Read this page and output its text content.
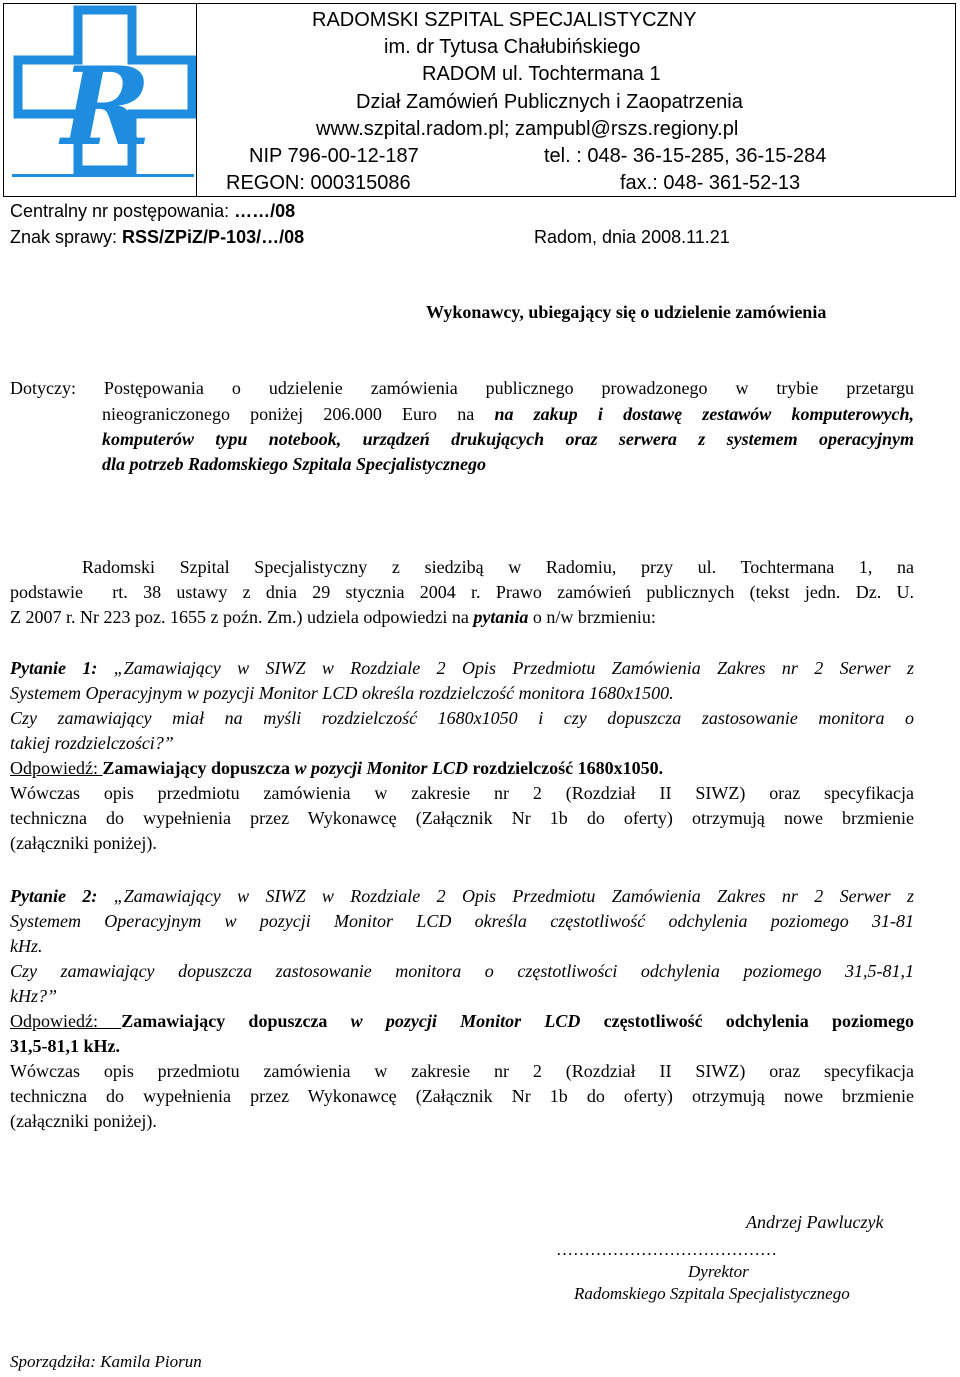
R
RADOMSKI SZPITAL SPECJALISTYCZNY
im. dr Tytusa Chałubińskiego
RADOM ul. Tochtermana 1
Dział Zamówień Publicznych i Zaopatrzenia
www.szpital.radom.pl; zampubl@rszs.regiony.pl
NIP 796-00-12-187	tel. : 048- 36-15-285, 36-15-284
REGON: 000315086	fax.: 048- 361-52-13
Centralny nr postępowania: ……/08
Znak sprawy: RSS/ZPiZ/P-103/…/08	Radom, dnia 2008.11.21
Wykonawcy, ubiegający się o udzielenie zamówienia
Dotyczy: Postępowania o udzielenie zamówienia publicznego prowadzonego w trybie przetargu
nieograniczonego poniżej 206.000 Euro na na zakup i dostawę zestawów komputerowych,
komputerów typu notebook, urządzeń drukujących oraz serwera z systemem operacyjnym
dla potrzeb Radomskiego Szpitala Specjalistycznego
Radomski Szpital Specjalistyczny z siedzibą w Radomiu, przy ul. Tochtermana 1, na
podstawie rt. 38 ustawy z dnia 29 stycznia 2004 r. Prawo zamówień publicznych (tekst jedn. Dz. U.
Z 2007 r. Nr 223 poz. 1655 z poźn. Zm.) udziela odpowiedzi na pytania o n/w brzmieniu:
Pytanie 1: „Zamawiający w SIWZ w Rozdziale 2 Opis Przedmiotu Zamówienia Zakres nr 2 Serwer z
Systemem Operacyjnym w pozycji Monitor LCD określa rozdzielczość monitora 1680x1500.
Czy zamawiający miał na myśli rozdzielczość 1680x1050 i czy dopuszcza zastosowanie monitora o
takiej rozdzielczości?”
Odpowiedź: Zamawiający dopuszcza w pozycji Monitor LCD rozdzielczość 1680x1050.
Wówczas opis przedmiotu zamówienia w zakresie nr 2 (Rozdział II SIWZ) oraz specyfikacja
techniczna do wypełnienia przez Wykonawcę (Załącznik Nr 1b do oferty) otrzymują nowe brzmienie
(załączniki poniżej).
Pytanie 2: „Zamawiający w SIWZ w Rozdziale 2 Opis Przedmiotu Zamówienia Zakres nr 2 Serwer z
Systemem Operacyjnym w pozycji Monitor LCD określa częstotliwość odchylenia poziomego 31-81
kHz.
Czy zamawiający dopuszcza zastosowanie monitora o częstotliwości odchylenia poziomego 31,5-81,1
kHz?”
Odpowiedź: Zamawiający dopuszcza w pozycji Monitor LCD częstotliwość odchylenia poziomego
31,5-81,1 kHz.
Wówczas opis przedmiotu zamówienia w zakresie nr 2 (Rozdział II SIWZ) oraz specyfikacja
techniczna do wypełnienia przez Wykonawcę (Załącznik Nr 1b do oferty) otrzymują nowe brzmienie
(załączniki poniżej).
Andrzej Pawluczyk
…………………………………
Dyrektor
Radomskiego Szpitala Specjalistycznego
Sporządziła: Kamila Piorun
